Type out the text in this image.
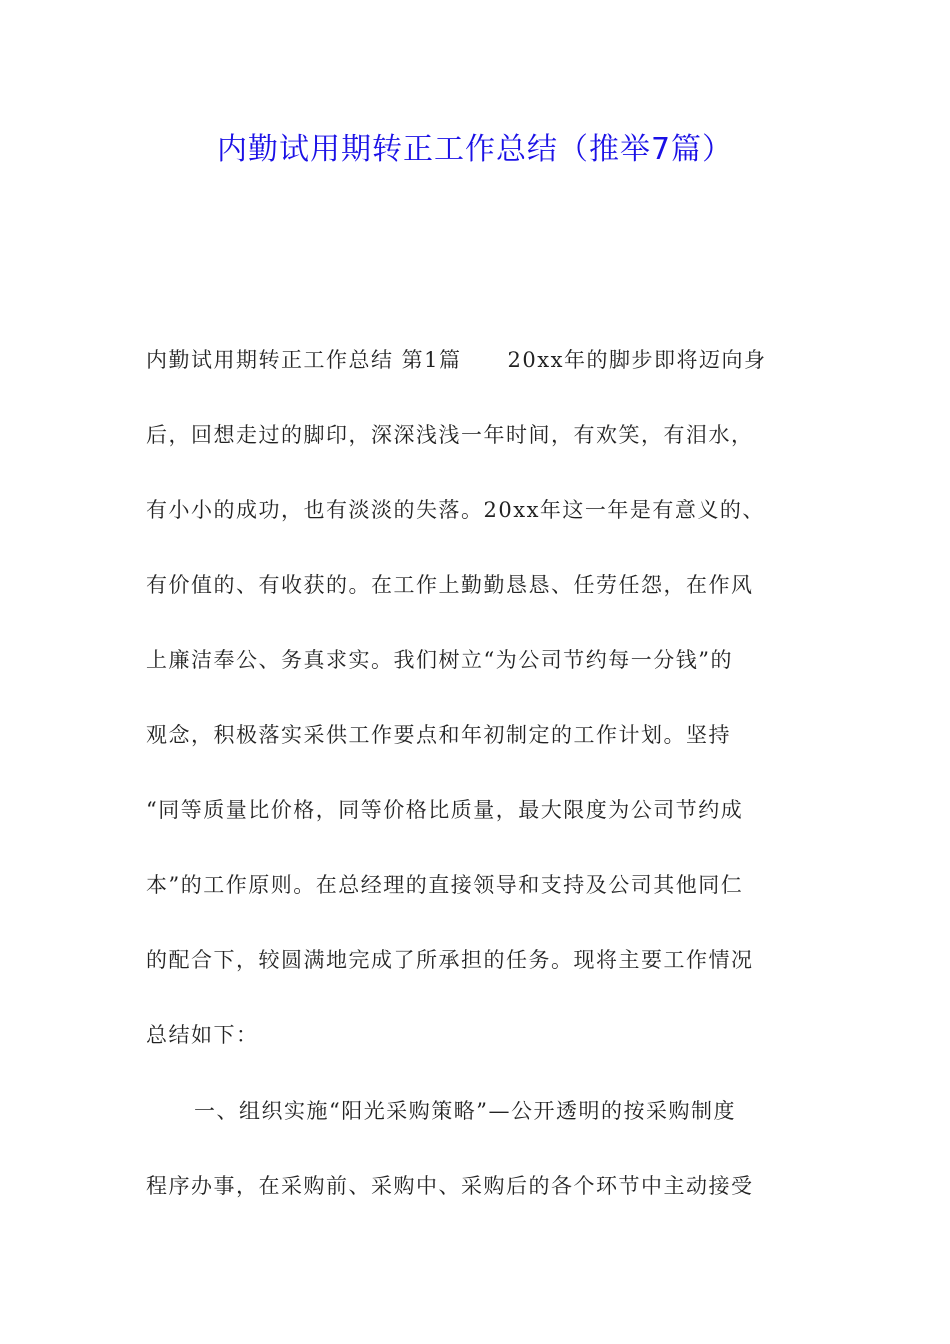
内勤试用期转正工作总结（推举7篇）
内勤试用期转正工作总结 第1篇 20xx年的脚步即将迈向身
后，回想走过的脚印，深深浅浅一年时间，有欢笑，有泪水，
有小小的成功，也有淡淡的失落。20xx年这一年是有意义的、
有价值的、有收获的。在工作上勤勤恳恳、任劳任怨，在作风
上廉洁奉公、务真求实。我们树立“为公司节约每一分钱”的
观念，积极落实采供工作要点和年初制定的工作计划。坚持
“同等质量比价格，同等价格比质量，最大限度为公司节约成
本”的工作原则。在总经理的直接领导和支持及公司其他同仁
的配合下，较圆满地完成了所承担的任务。现将主要工作情况
总结如下：
一、组织实施“阳光采购策略”—公开透明的按采购制度
程序办事，在采购前、采购中、采购后的各个环节中主动接受
